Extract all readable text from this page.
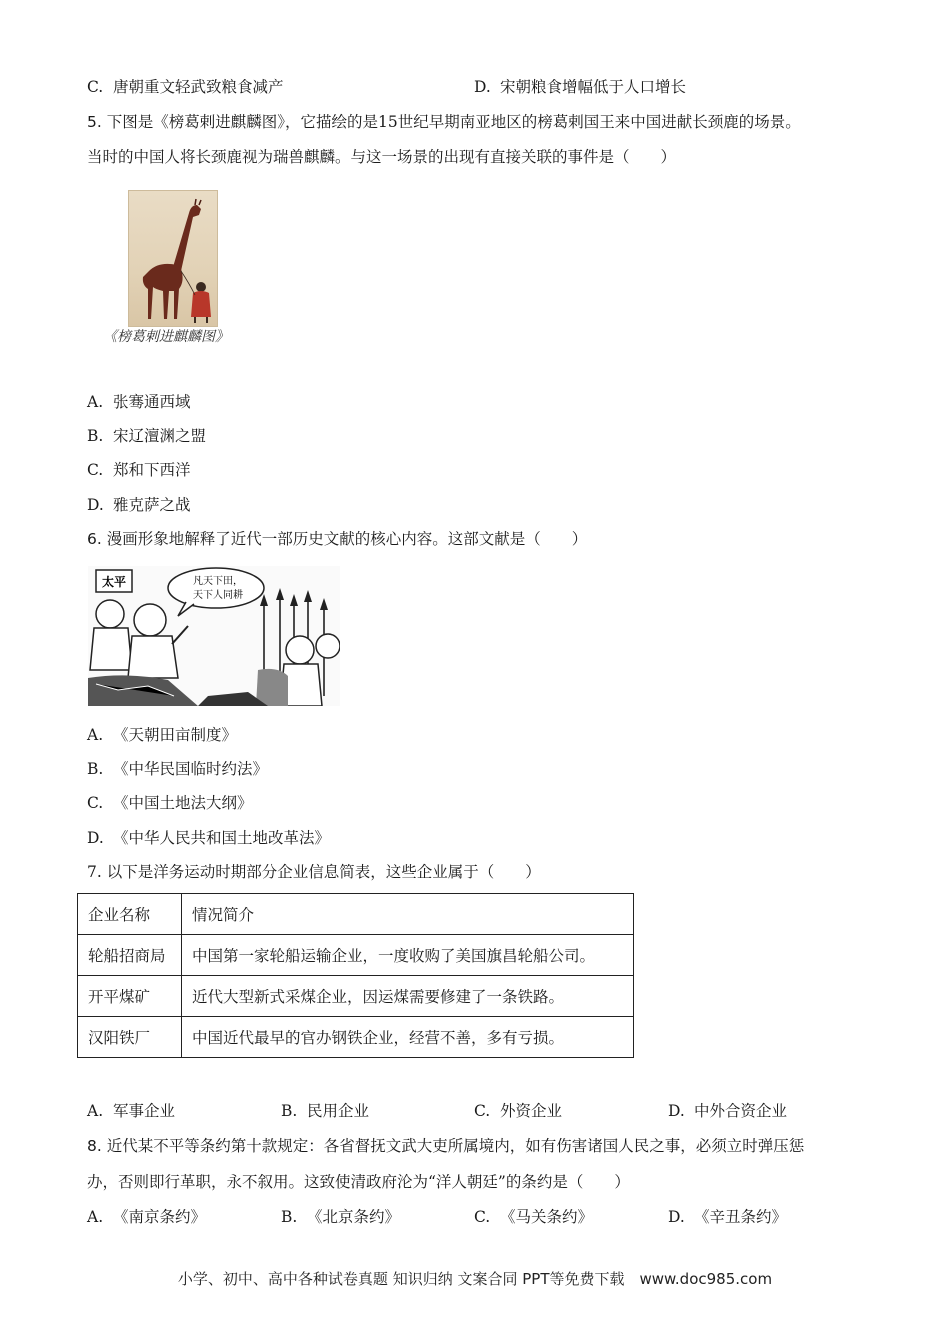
C. 唐朝重文轻武致粮食减产	D. 宋朝粮食增幅低于人口增长
5. 下图是《榜葛剌进麒麟图》，它描绘的是15世纪早期南亚地区的榜葛剌国王来中国进献长颈鹿的场景。
当时的中国人将长颈鹿视为瑞兽麒麟。与这一场景的出现有直接关联的事件是（　　）
《榜葛剌进麒麟图》
A. 张骞通西域
B. 宋辽澶渊之盟
C. 郑和下西洋
D. 雅克萨之战
6. 漫画形象地解释了近代一部历史文献的核心内容。这部文献是（　　）
太平	凡天下田，
天下人同耕
A. 《天朝田亩制度》
B. 《中华民国临时约法》
C. 《中国土地法大纲》
D. 《中华人民共和国土地改革法》
7. 以下是洋务运动时期部分企业信息简表，这些企业属于（　　）
企业名称	情况简介
轮船招商局	中国第一家轮船运输企业，一度收购了美国旗昌轮船公司。
开平煤矿	近代大型新式采煤企业，因运煤需要修建了一条铁路。
汉阳铁厂	中国近代最早的官办钢铁企业，经营不善，多有亏损。
A. 军事企业	B. 民用企业	C. 外资企业	D. 中外合资企业
8. 近代某不平等条约第十款规定：各省督抚文武大吏所属境内，如有伤害诸国人民之事，必须立时弹压惩
办，否则即行革职，永不叙用。这致使清政府沦为“洋人朝廷”的条约是（　　）
A. 《南京条约》	B. 《北京条约》	C. 《马关条约》	D. 《辛丑条约》
小学、初中、高中各种试卷真题 知识归纳 文案合同 PPT等免费下载　www.doc985.com
